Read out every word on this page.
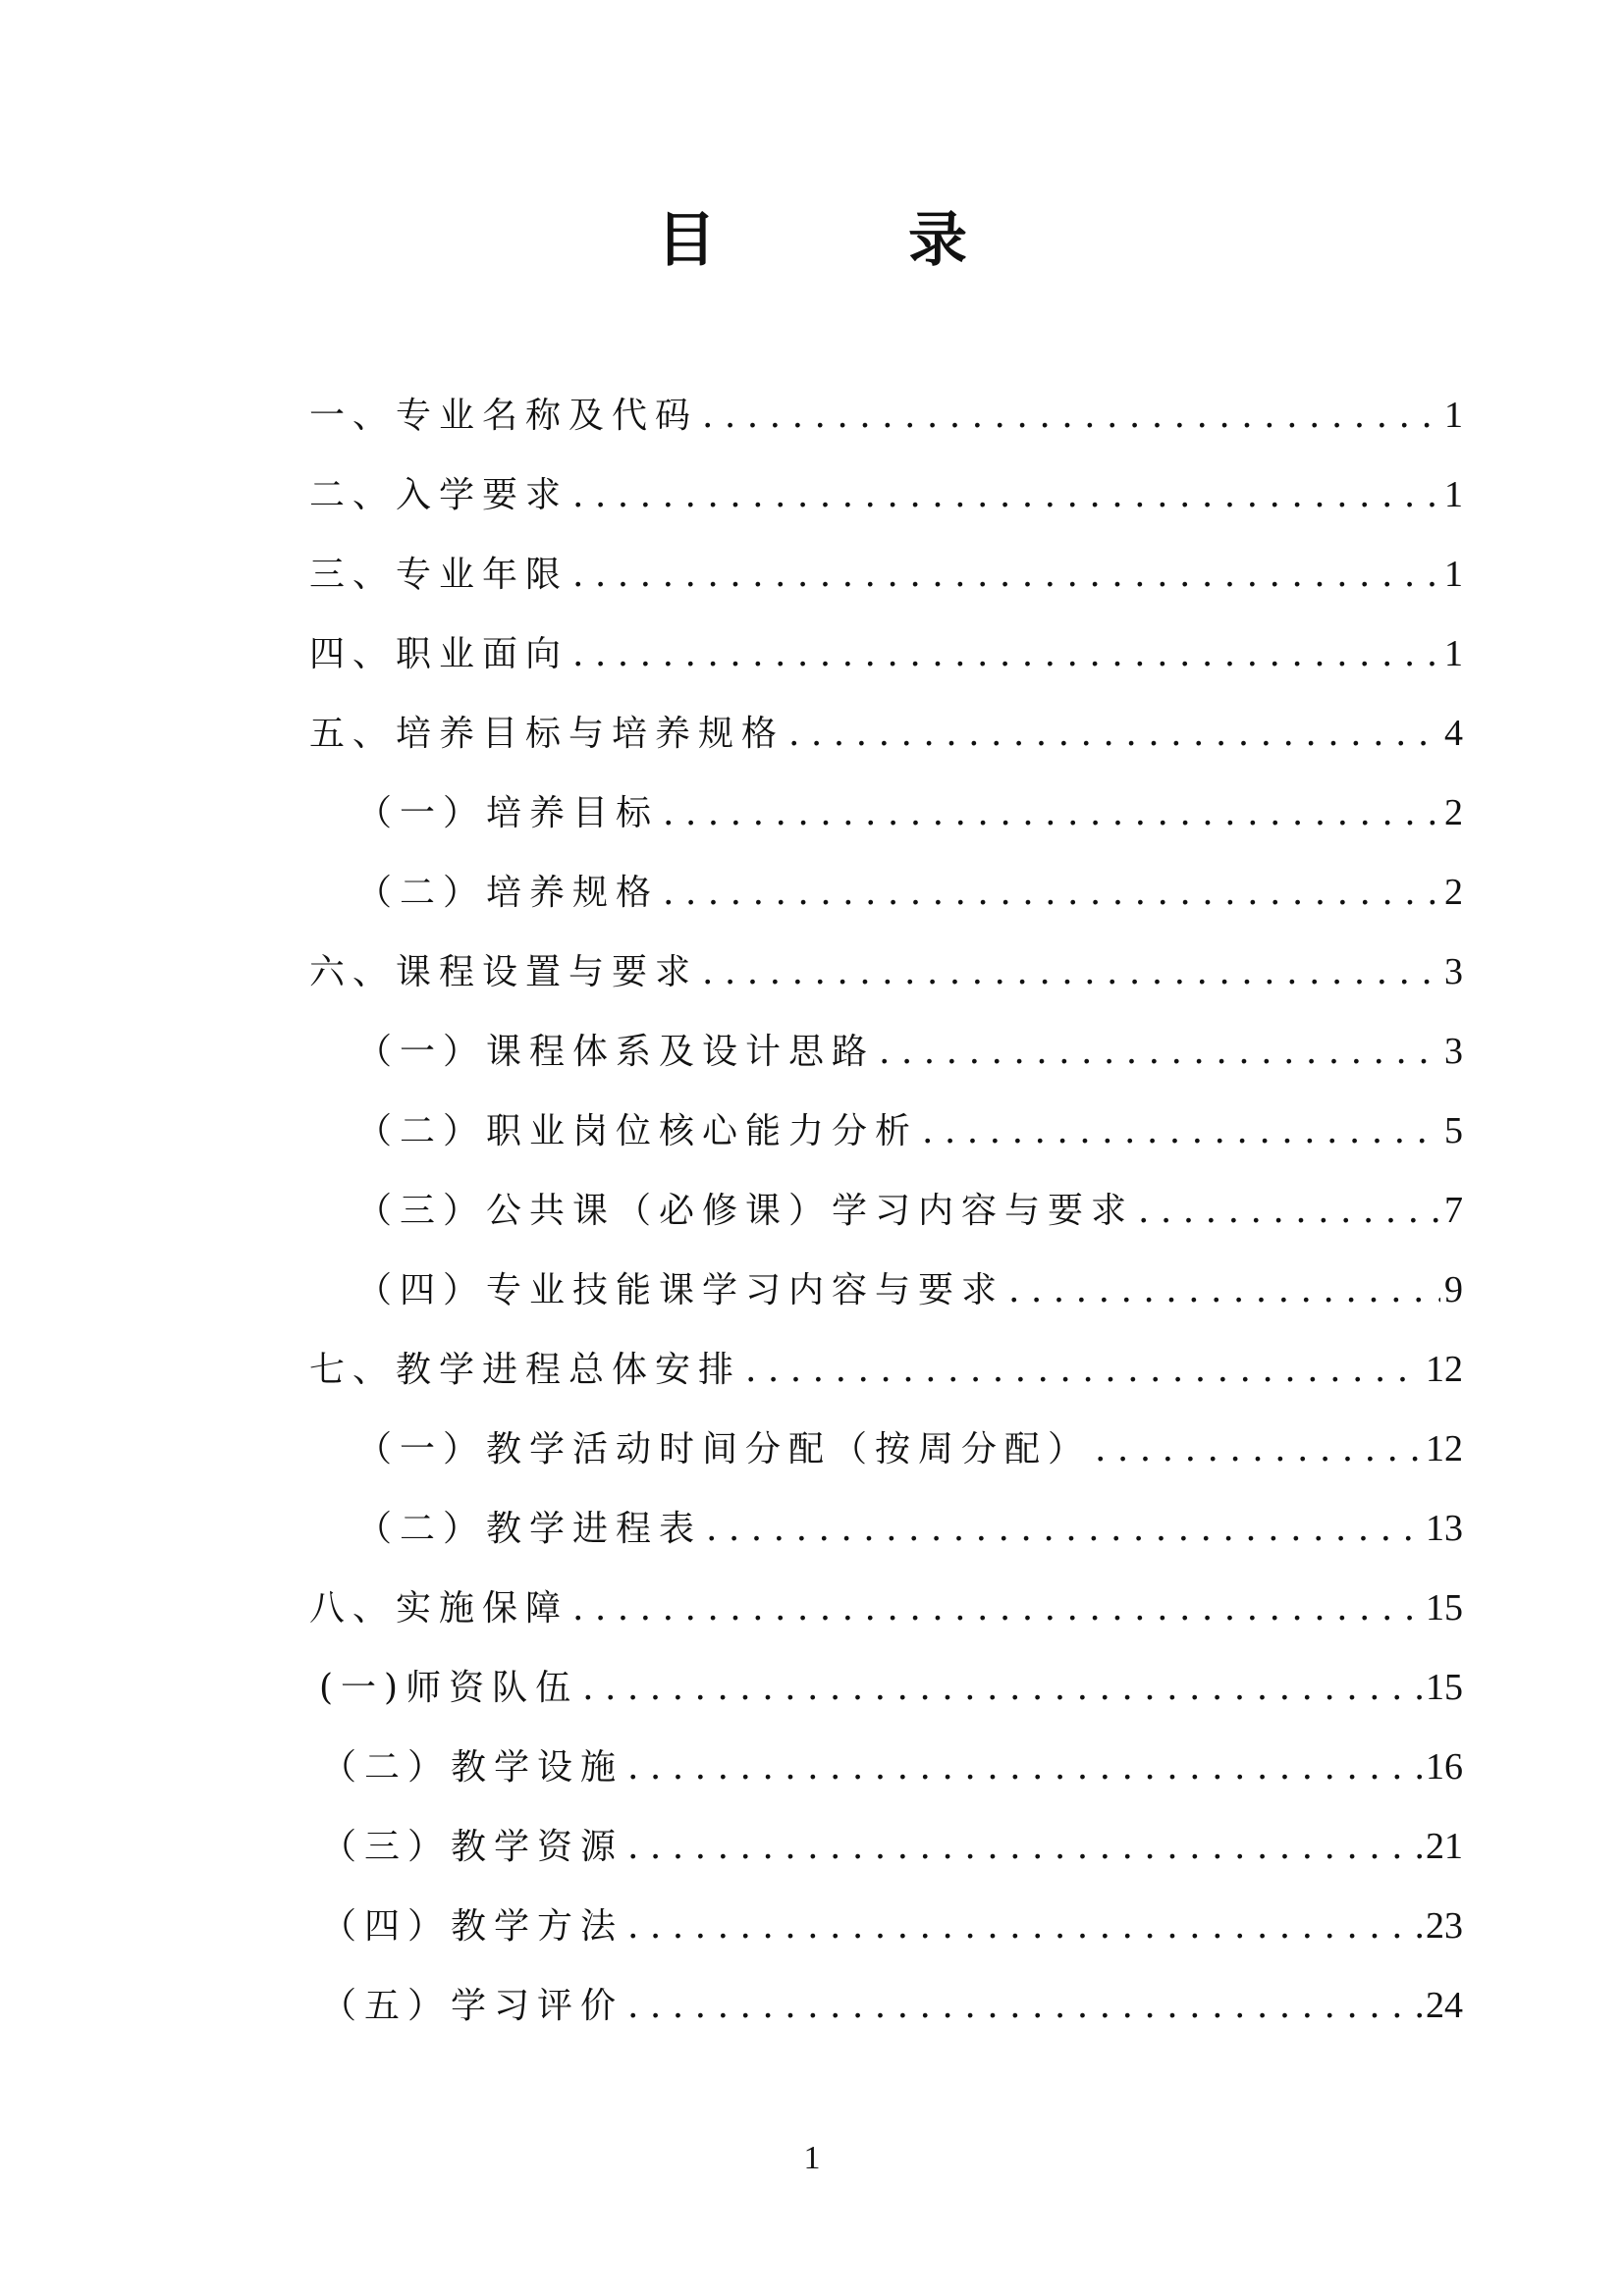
目　录
一、专业名称及代码 . . .	1
二、入学要求 . . .	1
三、专业年限 . . .	1
四、职业面向 . . .	1
五、培养目标与培养规格 . . .	4
（一）培养目标 . . .	2
（二）培养规格 . . .	2
六、课程设置与要求 . . .	3
（一）课程体系及设计思路 . . .	3
（二）职业岗位核心能力分析 . . .	5
（三）公共课（必修课）学习内容与要求 . . .	7
（四）专业技能课学习内容与要求 . . .	9
七、教学进程总体安排 . . .	12
（一）教学活动时间分配（按周分配） . . .	12
（二）教学进程表 . . .	13
八、实施保障 . . .	15
(一)师资队伍 . . .	15
（二）教学设施 . . .	16
（三）教学资源 . . .	21
（四）教学方法 . . .	23
（五）学习评价 . . .	24
1
